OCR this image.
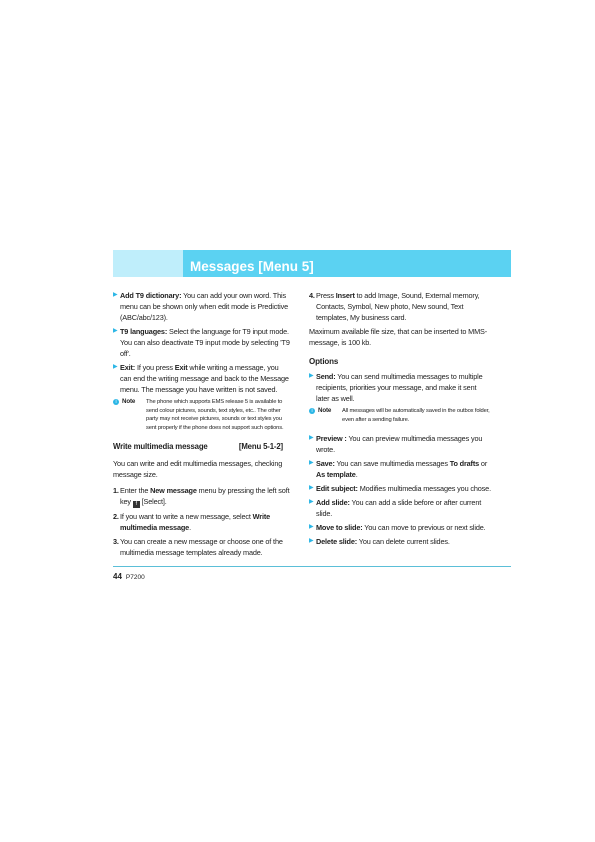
Messages [Menu 5]
▶ Add T9 dictionary: You can add your own word. This menu can be shown only when edit mode is Predictive (ABC/abc/123).
▶ T9 languages: Select the language for T9 input mode. You can also deactivate T9 input mode by selecting 'T9 off'.
▶ Exit: If you press Exit while writing a message, you can end the writing message and back to the Message menu. The message you have written is not saved.
i Note	The phone which supports EMS release 5 is available to send colour pictures, sounds, text styles, etc.. The other party may not receive pictures, sounds or text styles you sent properly if the phone does not support such options.
Write multimedia message	[Menu 5-1-2]
You can write and edit multimedia messages, checking message size.
1. Enter the New message menu by pressing the left soft key f [Select].
2. If you want to write a new message, select Write multimedia message.
3. You can create a new message or choose one of the multimedia message templates already made.
4. Press Insert to add Image, Sound, External memory, Contacts, Symbol, New photo, New sound, Text templates, My business card.
Maximum available file size, that can be inserted to MMS-message, is 100 kb.
Options
▶ Send: You can send multimedia messages to multiple recipients, priorities your message, and make it sent later as well.
i Note	All messages will be automatically saved in the outbox folder, even after a sending failure.
▶ Preview : You can preview multimedia messages you wrote.
▶ Save: You can save multimedia messages To drafts or As template.
▶ Edit subject: Modifies multimedia messages you chose.
▶ Add slide: You can add a slide before or after current slide.
▶ Move to slide: You can move to previous or next slide.
▶ Delete slide: You can delete current slides.
44 P7200
